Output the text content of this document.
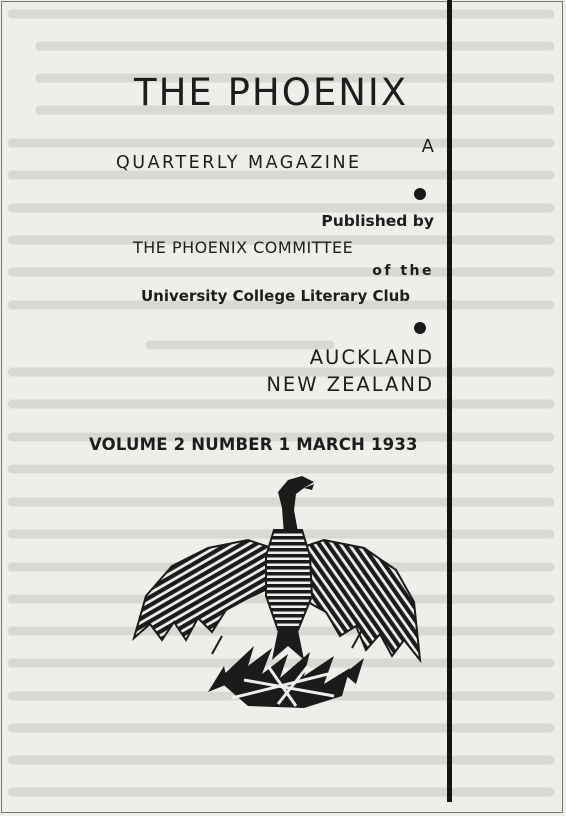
THE PHOENIX

A

QUARTERLY MAGAZINE

Published by

THE PHOENIX COMMITTEE

of the

University College Literary Club

AUCKLAND

NEW ZEALAND

VOLUME 2 NUMBER 1 MARCH 1933
